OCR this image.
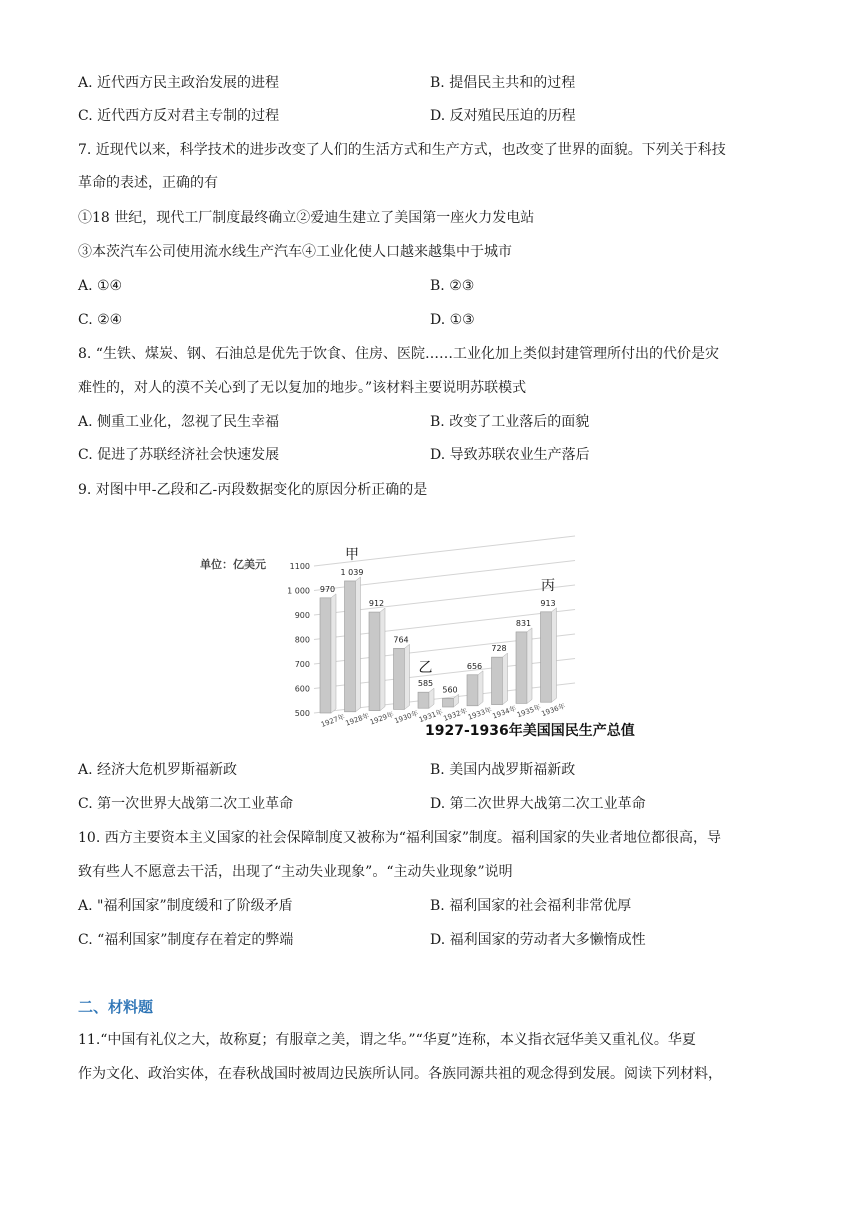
A. 近代西方民主政治发展的进程	B. 提倡民主共和的过程
C. 近代西方反对君主专制的过程	D. 反对殖民压迫的历程
7. 近现代以来，科学技术的进步改变了人们的生活方式和生产方式，也改变了世界的面貌。下列关于科技
革命的表述，正确的有
①18 世纪，现代工厂制度最终确立②爱迪生建立了美国第一座火力发电站
③本茨汽车公司使用流水线生产汽车④工业化使人口越来越集中于城市
A. ①④	B. ②③
C. ②④	D. ①③
8. “生铁、煤炭、钢、石油总是优先于饮食、住房、医院……工业化加上类似封建管理所付出的代价是灾
难性的，对人的漠不关心到了无以复加的地步。”该材料主要说明苏联模式
A. 侧重工业化，忽视了民生幸福	B. 改变了工业落后的面貌
C. 促进了苏联经济社会快速发展	D. 导致苏联农业生产落后
9. 对图中甲-乙段和乙-丙段数据变化的原因分析正确的是
1100
1 000
900
800
700
600
500
970
1927年
1 039
1928年
912
1929年
764
1930年
585
1931年
560
1932年
656
1933年
728
1934年
831
1935年
913
1936年
甲
乙
丙
单位：亿美元
1927-1936年美国国民生产总值
A. 经济大危机罗斯福新政	B. 美国内战罗斯福新政
C. 第一次世界大战第二次工业革命	D. 第二次世界大战第二次工业革命
10. 西方主要资本主义国家的社会保障制度又被称为“福利国家”制度。福利国家的失业者地位都很高，导
致有些人不愿意去干活，出现了“主动失业现象”。“主动失业现象”说明
A. "福利国家”制度缓和了阶级矛盾	B. 福利国家的社会福利非常优厚
C. “福利国家”制度存在着定的弊端	D. 福利国家的劳动者大多懒惰成性
二、材料题
11.“中国有礼仪之大，故称夏；有服章之美，谓之华。”“华夏”连称，本义指衣冠华美又重礼仪。华夏
作为文化、政治实体，在春秋战国时被周边民族所认同。各族同源共祖的观念得到发展。阅读下列材料，
